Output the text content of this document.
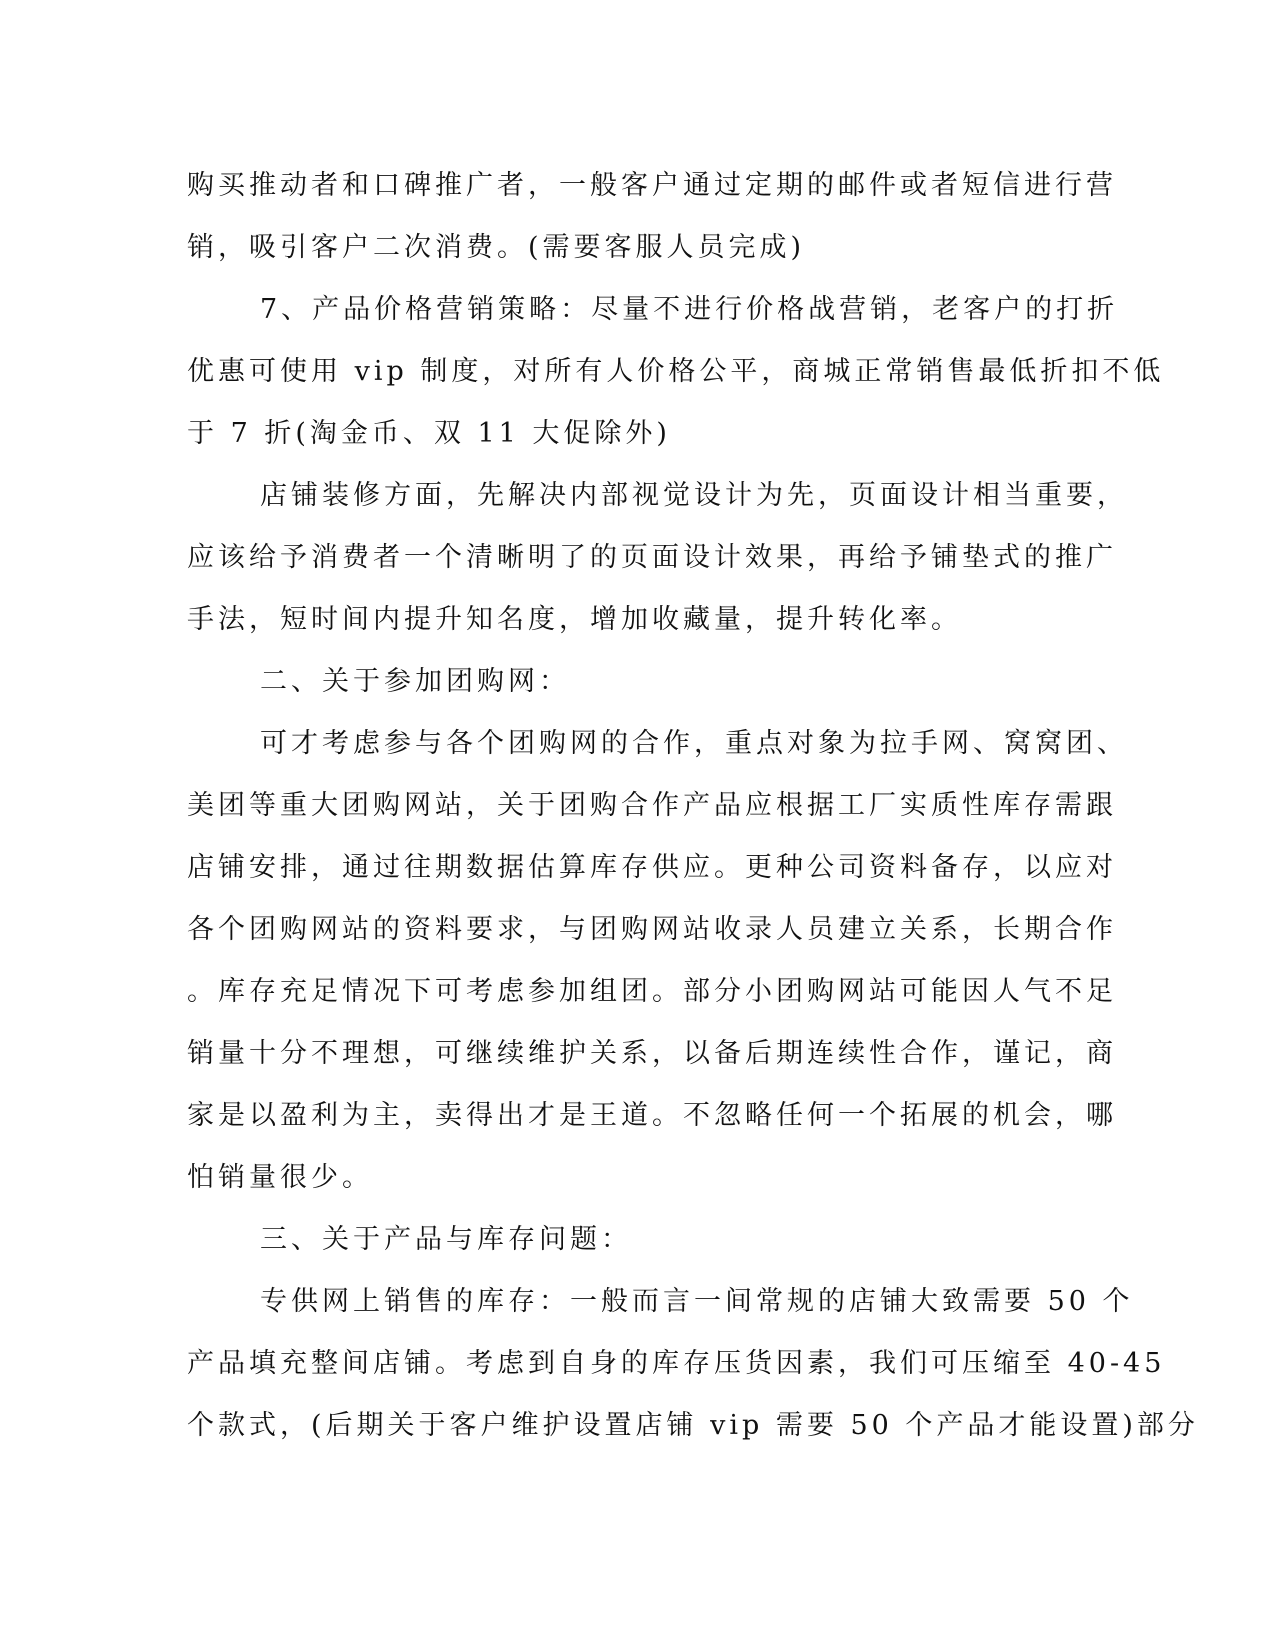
购买推动者和口碑推广者，一般客户通过定期的邮件或者短信进行营
销，吸引客户二次消费。(需要客服人员完成)
7、产品价格营销策略：尽量不进行价格战营销，老客户的打折
优惠可使用 vip 制度，对所有人价格公平，商城正常销售最低折扣不低
于 7 折(淘金币、双 11 大促除外)
店铺装修方面，先解决内部视觉设计为先，页面设计相当重要，
应该给予消费者一个清晰明了的页面设计效果，再给予铺垫式的推广
手法，短时间内提升知名度，增加收藏量，提升转化率。
二、关于参加团购网：
可才考虑参与各个团购网的合作，重点对象为拉手网、窝窝团、
美团等重大团购网站，关于团购合作产品应根据工厂实质性库存需跟
店铺安排，通过往期数据估算库存供应。更种公司资料备存，以应对
各个团购网站的资料要求，与团购网站收录人员建立关系，长期合作
。库存充足情况下可考虑参加组团。部分小团购网站可能因人气不足
销量十分不理想，可继续维护关系，以备后期连续性合作，谨记，商
家是以盈利为主，卖得出才是王道。不忽略任何一个拓展的机会，哪
怕销量很少。
三、关于产品与库存问题：
专供网上销售的库存：一般而言一间常规的店铺大致需要 50 个
产品填充整间店铺。考虑到自身的库存压货因素，我们可压缩至 40-45
个款式，(后期关于客户维护设置店铺 vip 需要 50 个产品才能设置)部分
